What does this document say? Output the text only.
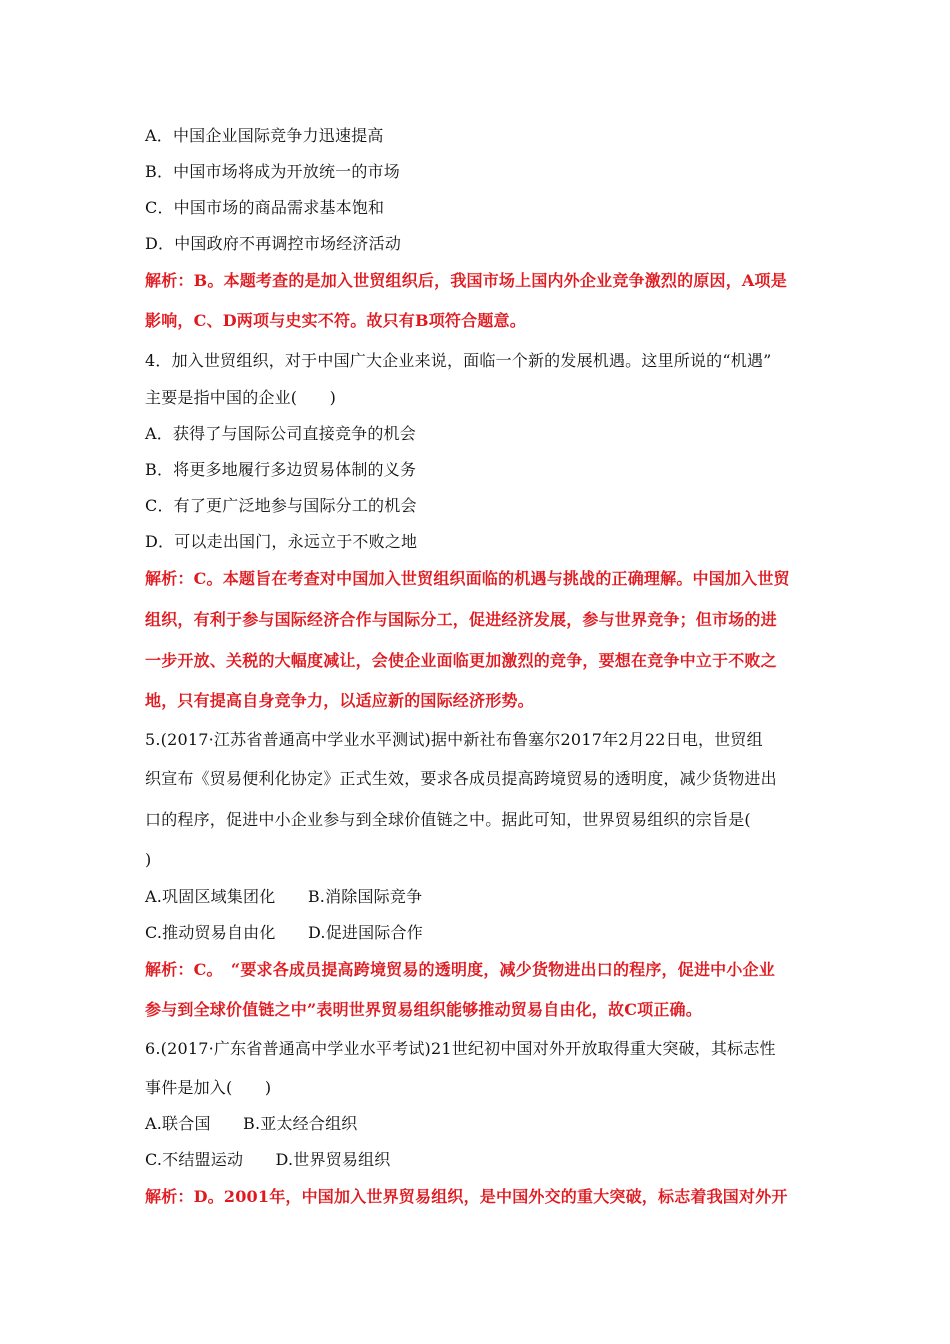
A．中国企业国际竞争力迅速提高
B．中国市场将成为开放统一的市场
C．中国市场的商品需求基本饱和
D．中国政府不再调控市场经济活动
解析：B。本题考查的是加入世贸组织后，我国市场上国内外企业竞争激烈的原因，A项是
影响，C、D两项与史实不符。故只有B项符合题意。
4．加入世贸组织，对于中国广大企业来说，面临一个新的发展机遇。这里所说的“机遇”
主要是指中国的企业(　　)
A．获得了与国际公司直接竞争的机会
B．将更多地履行多边贸易体制的义务
C．有了更广泛地参与国际分工的机会
D．可以走出国门，永远立于不败之地
解析：C。本题旨在考查对中国加入世贸组织面临的机遇与挑战的正确理解。中国加入世贸
组织，有利于参与国际经济合作与国际分工，促进经济发展，参与世界竞争；但市场的进
一步开放、关税的大幅度减让，会使企业面临更加激烈的竞争，要想在竞争中立于不败之
地，只有提高自身竞争力，以适应新的国际经济形势。
5.(2017·江苏省普通高中学业水平测试)据中新社布鲁塞尔2017年2月22日电，世贸组
织宣布《贸易便利化协定》正式生效，要求各成员提高跨境贸易的透明度，减少货物进出
口的程序，促进中小企业参与到全球价值链之中。据此可知，世界贸易组织的宗旨是(
)
A.巩固区域集团化　　B.消除国际竞争
C.推动贸易自由化　　D.促进国际合作
解析：C。　“要求各成员提高跨境贸易的透明度，减少货物进出口的程序，促进中小企业
参与到全球价值链之中”表明世界贸易组织能够推动贸易自由化，故C项正确。
6.(2017·广东省普通高中学业水平考试)21世纪初中国对外开放取得重大突破，其标志性
事件是加入(　　)
A.联合国　　B.亚太经合组织
C.不结盟运动　　D.世界贸易组织
解析：D。2001年，中国加入世界贸易组织，是中国外交的重大突破，标志着我国对外开
